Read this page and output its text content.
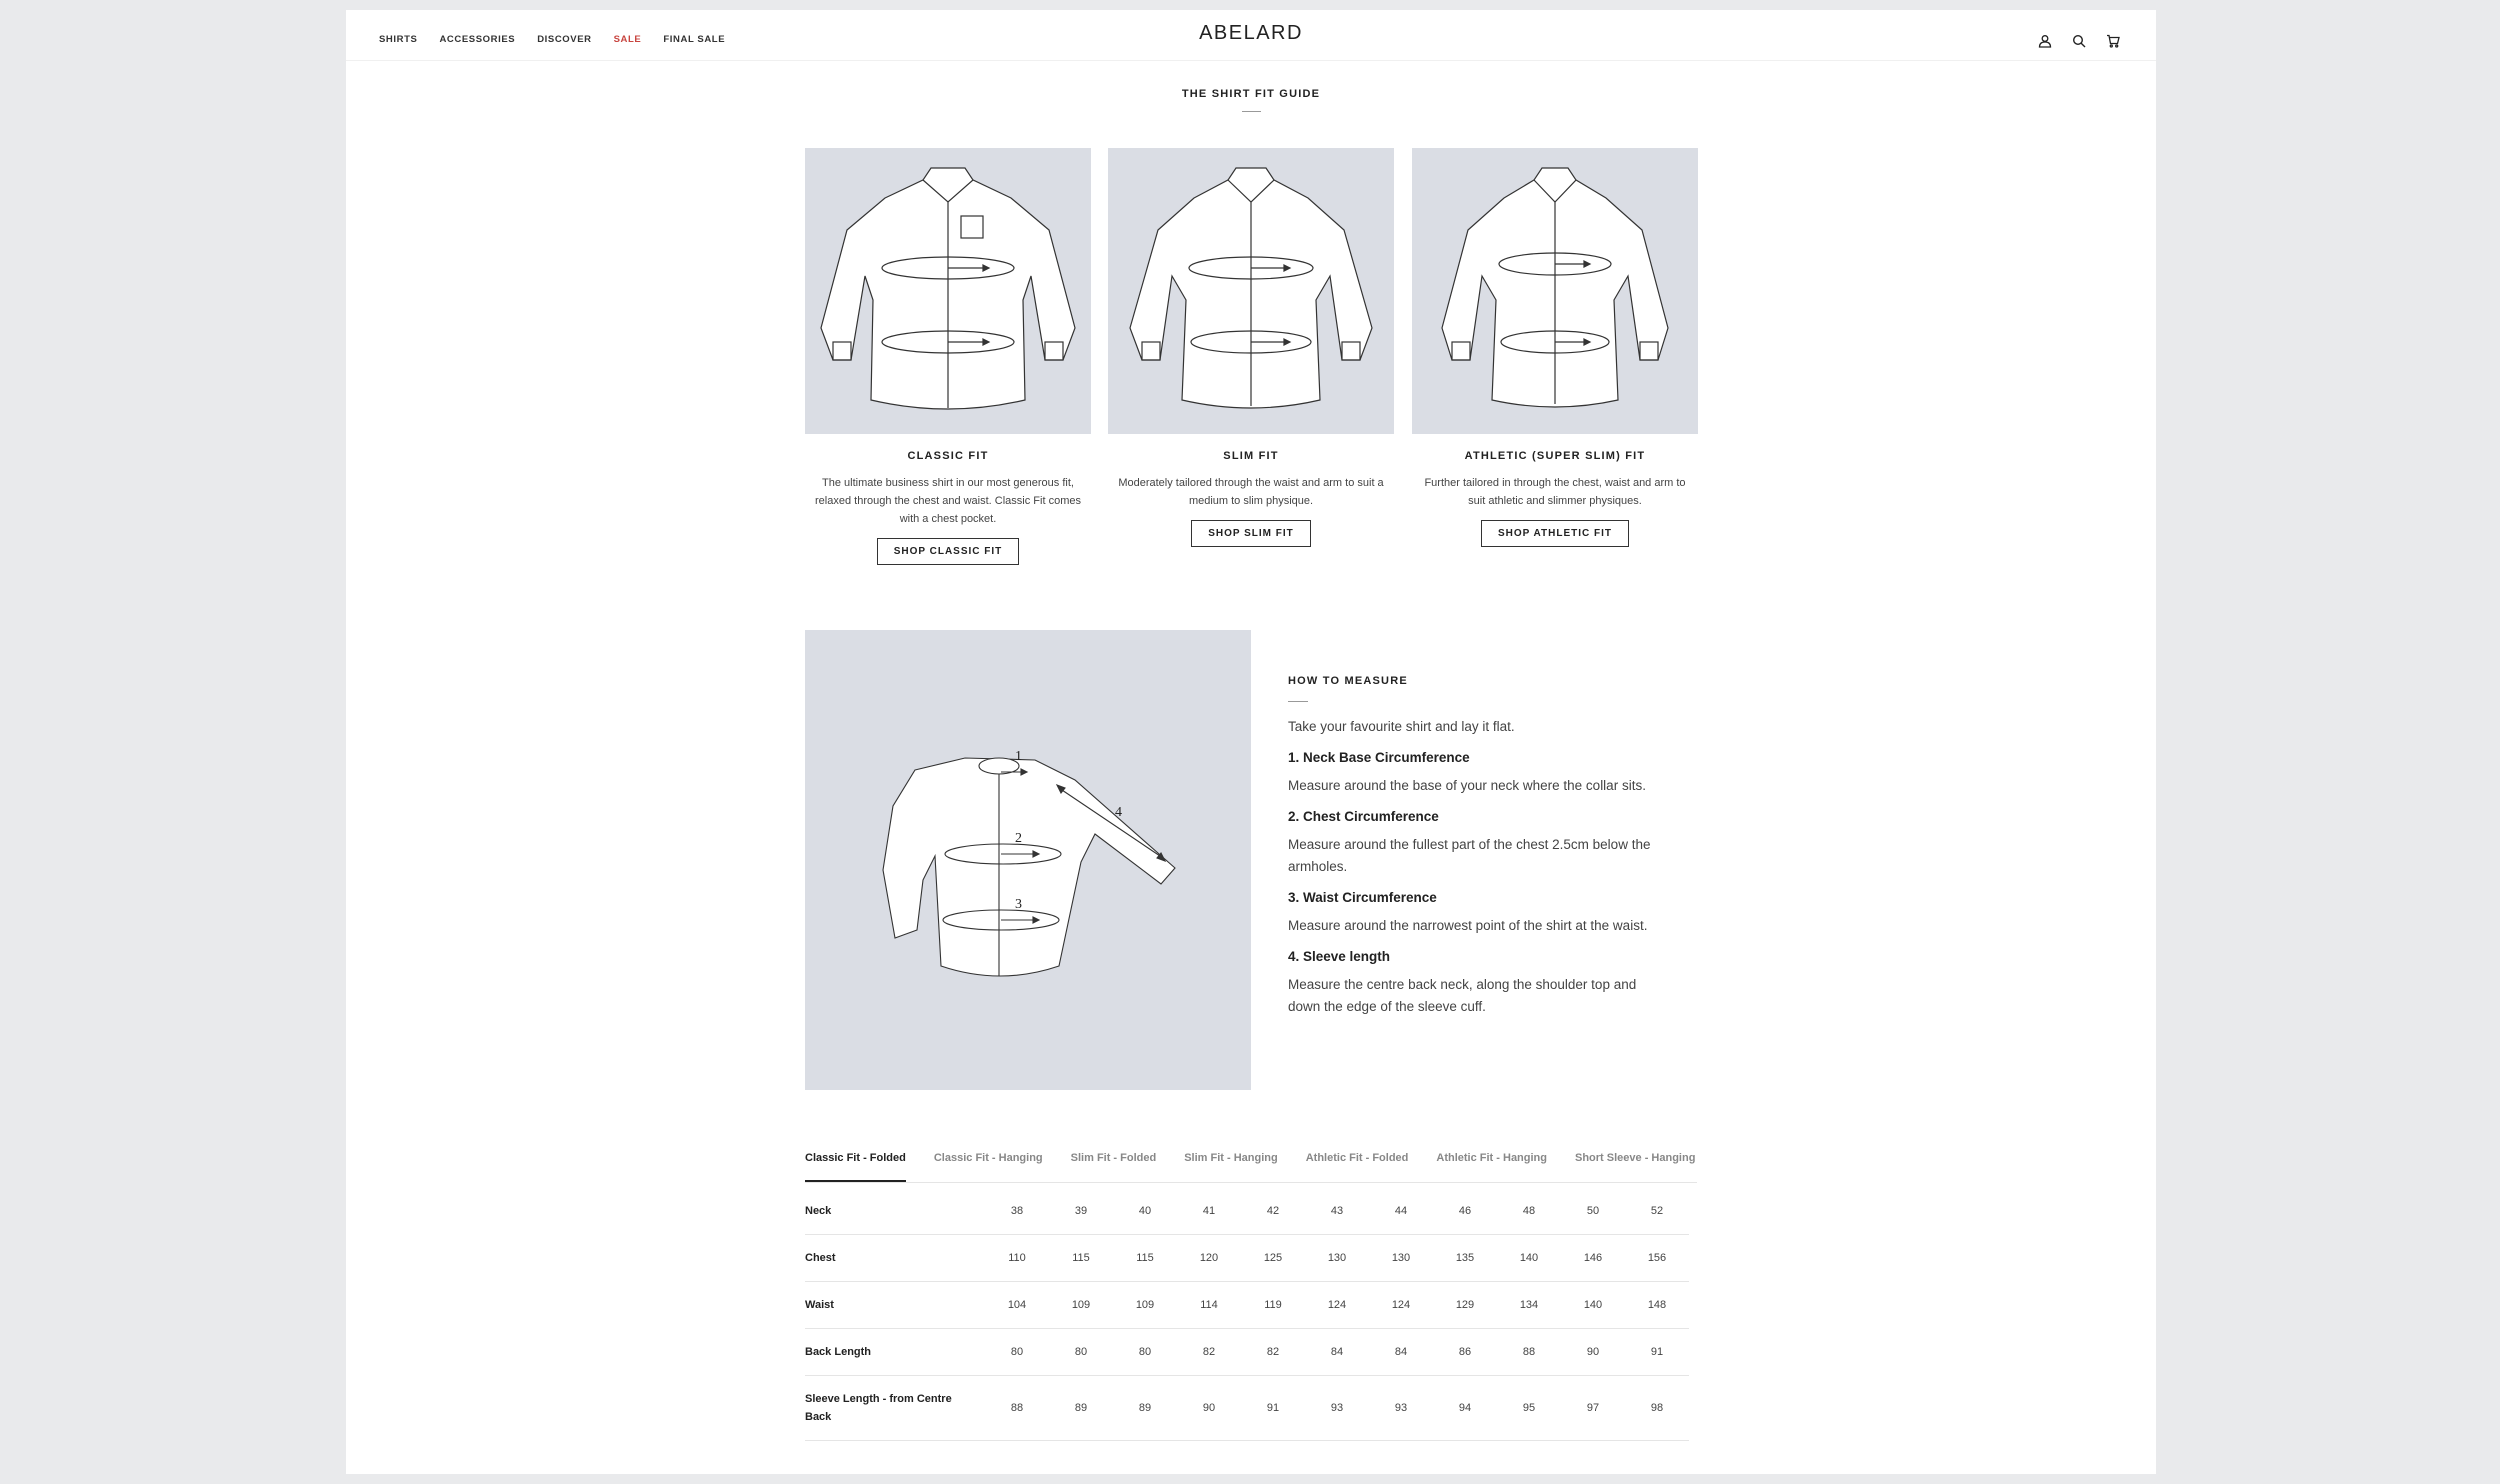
SHIRTS ACCESSORIES DISCOVER SALE FINAL SALE	ABELARD
THE SHIRT FIT GUIDE
CLASSIC FIT
The ultimate business shirt in our most generous fit, relaxed through the chest and waist. Classic Fit comes with a chest pocket.
SHOP CLASSIC FIT
SLIM FIT
Moderately tailored through the waist and arm to suit a medium to slim physique.
SHOP SLIM FIT
ATHLETIC (SUPER SLIM) FIT
Further tailored in through the chest, waist and arm to suit athletic and slimmer physiques.
SHOP ATHLETIC FIT
1
2
3
4
HOW TO MEASURE

Take your favourite shirt and lay it flat.

1. Neck Base Circumference

Measure around the base of your neck where the collar sits.

2. Chest Circumference

Measure around the fullest part of the chest 2.5cm below the armholes.

3. Waist Circumference

Measure around the narrowest point of the shirt at the waist.

4. Sleeve length

Measure the centre back neck, along the shoulder top and down the edge of the sleeve cuff.

Classic Fit - Folded	Classic Fit - Hanging	Slim Fit - Folded	Slim Fit - Hanging	Athletic Fit - Folded	Athletic Fit - Hanging	Short Sleeve - Hanging
Neck	38	39	40	41	42	43	44	46	48	50	52
Chest	110	115	115	120	125	130	130	135	140	146	156
Waist	104	109	109	114	119	124	124	129	134	140	148
Back Length	80	80	80	82	82	84	84	86	88	90	91
Sleeve Length - from Centre Back	88	89	89	90	91	93	93	94	95	97	98
